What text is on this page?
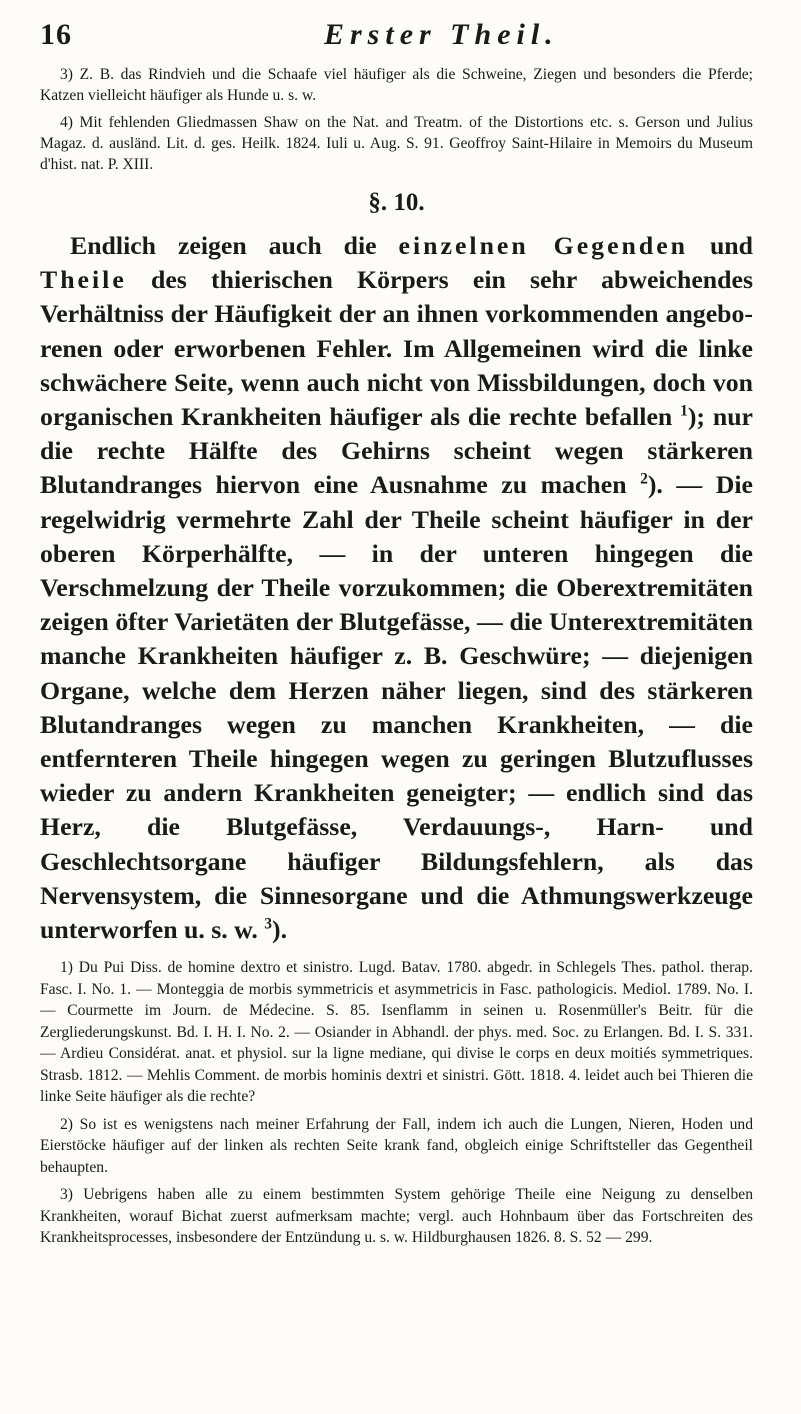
16	Erster Theil.

3) Z. B. das Rindvieh und die Schaafe viel häufiger als die Schweine, Ziegen und besonders die Pferde; Katzen vielleicht häufiger als Hunde u. s. w.

4) Mit fehlenden Gliedmassen Shaw on the Nat. and Treatm. of the Distortions etc. s. Gerson und Julius Magaz. d. ausländ. Lit. d. ges. Heilk. 1824. Iuli u. Aug. S. 91. Geoffroy Saint-Hilaire in Memoirs du Museum d'hist. nat. P. XIII.

§. 10.

Endlich zeigen auch die einzelnen Gegenden und Theile des thierischen Körpers ein sehr abweichendes Verhältniss der Häufigkeit der an ihnen vorkommenden angeborenen oder erworbenen Fehler. Im Allgemeinen wird die linke schwächere Seite, wenn auch nicht von Missbildungen, doch von organischen Krankheiten häufiger als die rechte befallen $^1$); nur die rechte Hälfte des Gehirns scheint wegen stärkeren Blutandranges hiervon eine Ausnahme zu machen $^2$). — Die regelwidrig vermehrte Zahl der Theile scheint häufiger in der oberen Körperhälfte, — in der unteren hingegen die Verschmelzung der Theile vorzukommen; die Oberextremitäten zeigen öfter Varietäten der Blutgefässe, — die Unterextremitäten manche Krankheiten häufiger z. B. Geschwüre; — diejenigen Organe, welche dem Herzen näher liegen, sind des stärkeren Blutandranges wegen zu manchen Krankheiten, — die entfernteren Theile hingegen wegen zu geringen Blutzuflusses wieder zu andern Krankheiten geneigter; — endlich sind das Herz, die Blutgefässe, Verdauungs-, Harn- und Geschlechtsorgane häufiger Bildungsfehlern, als das Nervensystem, die Sinnesorgane und die Athmungswerkzeuge unterworfen u. s. w. $^3$).

1) Du Pui Diss. de homine dextro et sinistro. Lugd. Batav. 1780. abgedr. in Schlegels Thes. pathol. therap. Fasc. I. No. 1. — Monteggia de morbis symmetricis et asymmetricis in Fasc. pathologicis. Mediol. 1789. No. I. — Courmette im Journ. de Médecine. S. 85. Isenflamm in seinen u. Rosenmüller's Beitr. für die Zergliederungskunst. Bd. I. H. I. No. 2. — Osiander in Abhandl. der phys. med. Soc. zu Erlangen. Bd. I. S. 331. — Ardieu Considérat. anat. et physiol. sur la ligne mediane, qui divise le corps en deux moitiés symmetriques. Strasb. 1812. — Mehlis Comment. de morbis hominis dextri et sinistri. Gött. 1818. 4. leidet auch bei Thieren die linke Seite häufiger als die rechte?

2) So ist es wenigstens nach meiner Erfahrung der Fall, indem ich auch die Lungen, Nieren, Hoden und Eierstöcke häufiger auf der linken als rechten Seite krank fand, obgleich einige Schriftsteller das Gegentheil behaupten.

3) Uebrigens haben alle zu einem bestimmten System gehörige Theile eine Neigung zu denselben Krankheiten, worauf Bichat zuerst aufmerksam machte; vergl. auch Hohnbaum über das Fortschreiten des Krankheitsprocesses, insbesondere der Entzündung u. s. w. Hildburghausen 1826. 8. S. 52 — 299.
